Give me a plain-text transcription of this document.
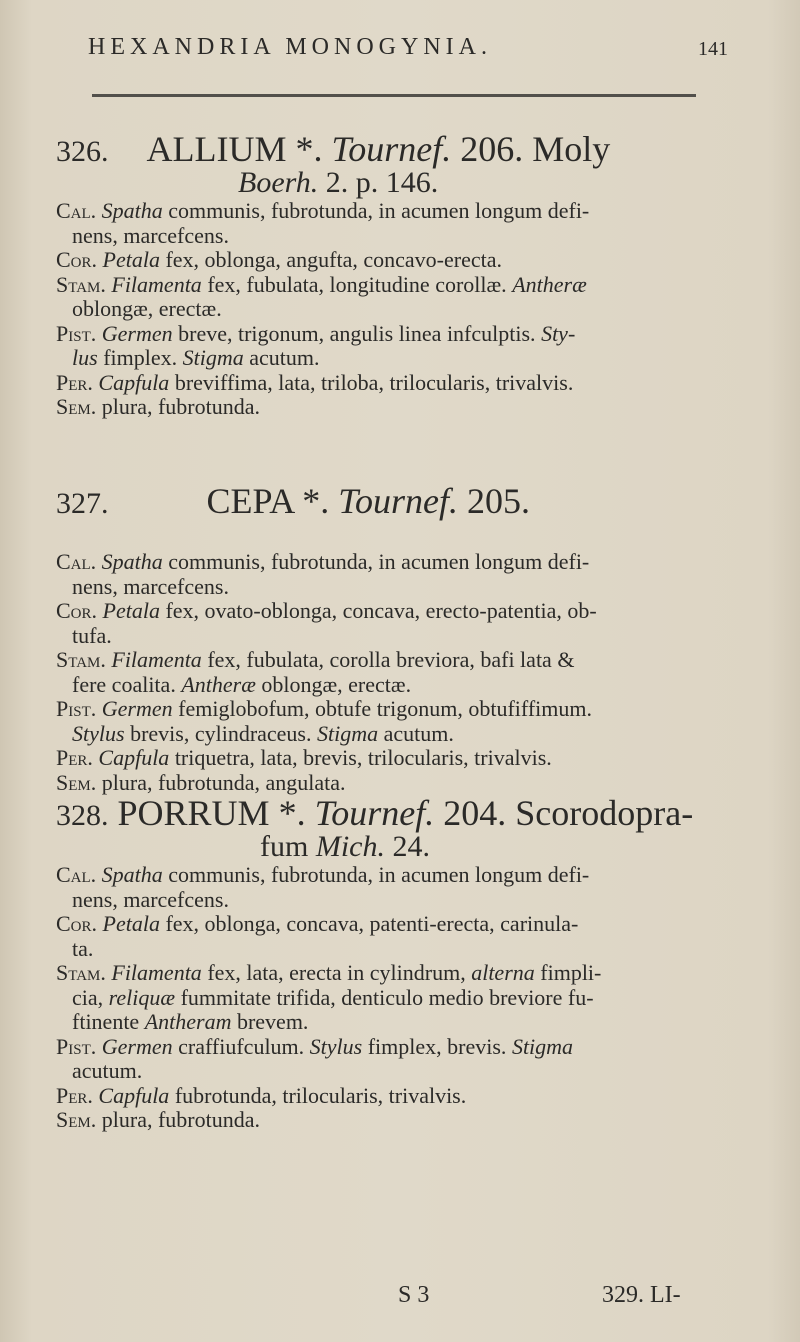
HEXANDRIA MONOGYNIA.	141
326. ALLIUM *. Tournef. 206. Moly
Boerh. 2. p. 146.
Cal. Spatha communis, fubrotunda, in acumen longum defi-
nens, marcefcens.
Cor. Petala fex, oblonga, angufta, concavo-erecta.
Stam. Filamenta fex, fubulata, longitudine corollæ. Antheræ
oblongæ, erectæ.
Pist. Germen breve, trigonum, angulis linea infculptis. Sty-
lus fimplex. Stigma acutum.
Per. Capfula breviffima, lata, triloba, trilocularis, trivalvis.
Sem. plura, fubrotunda.
327.	CEPA *. Tournef. 205.
Cal. Spatha communis, fubrotunda, in acumen longum defi-
nens, marcefcens.
Cor. Petala fex, ovato-oblonga, concava, erecto-patentia, ob-
tufa.
Stam. Filamenta fex, fubulata, corolla breviora, bafi lata &
fere coalita. Antheræ oblongæ, erectæ.
Pist. Germen femiglobofum, obtufe trigonum, obtufiffimum.
Stylus brevis, cylindraceus. Stigma acutum.
Per. Capfula triquetra, lata, brevis, trilocularis, trivalvis.
Sem. plura, fubrotunda, angulata.
328. PORRUM *. Tournef. 204. Scorodopra-
fum Mich. 24.
Cal. Spatha communis, fubrotunda, in acumen longum defi-
nens, marcefcens.
Cor. Petala fex, oblonga, concava, patenti-erecta, carinula-
ta.
Stam. Filamenta fex, lata, erecta in cylindrum, alterna fimpli-
cia, reliquæ fummitate trifida, denticulo medio breviore fu-
ftinente Antheram brevem.
Pist. Germen craffiufculum. Stylus fimplex, brevis. Stigma
acutum.
Per. Capfula fubrotunda, trilocularis, trivalvis.
Sem. plura, fubrotunda.
S 3	329. LI-
